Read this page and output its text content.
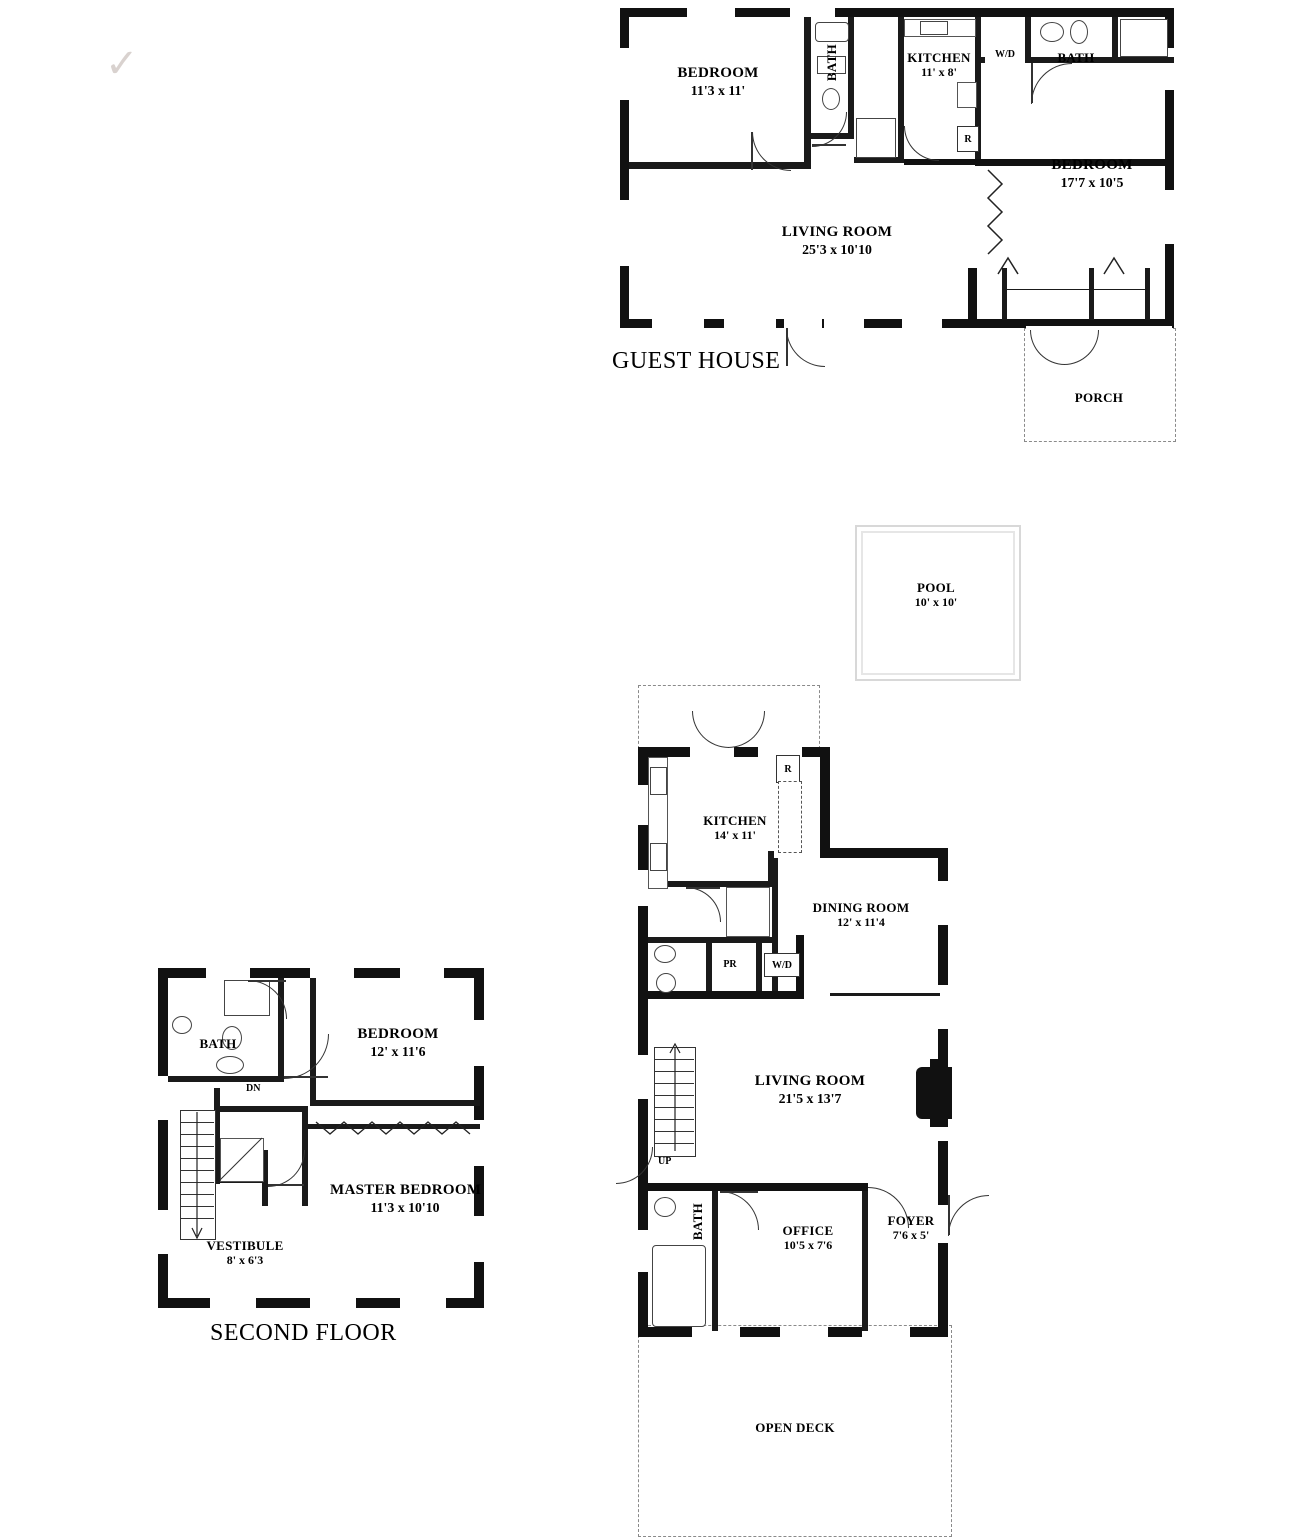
R
BEDROOM
11'3 x 11'
BATH	KITCHEN
11' x 8'
W/D	BATH
BEDROOM
17'7 x 10'5
LIVING ROOM
25'3 x 10'10
PORCH
GUEST HOUSE
✓
POOL
10' x 10'
OPEN DECK
R
PR	W/D
UP
KITCHEN
14' x 11'
DINING ROOM
12' x 11'4
LIVING ROOM
21'5 x 13'7
BATH	OFFICE
10'5 x 7'6
FOYER
7'6 x 5'
DN
BATH
BEDROOM
12' x 11'6
MASTER BEDROOM
11'3 x 10'10
VESTIBULE
8' x 6'3
SECOND FLOOR
